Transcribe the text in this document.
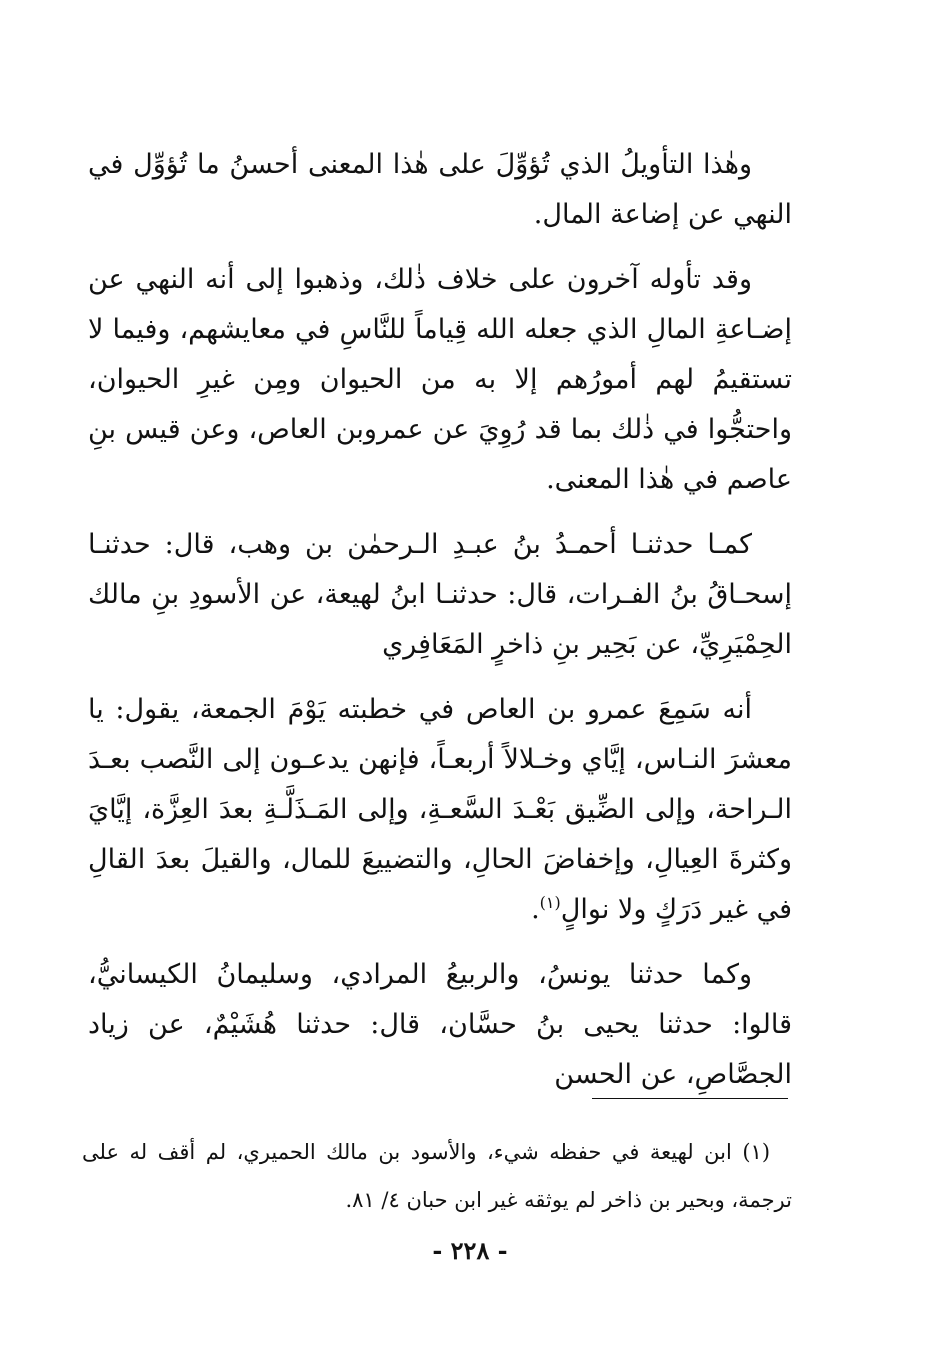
وهٰذا التأويلُ الذي تُؤوِّلَ على هٰذا المعنى أحسنُ ما تُؤوِّل في النهي عن إضاعة المال.

وقد تأوله آخرون على خلاف ذٰلك، وذهبوا إلى أنه النهي عن إضـاعةِ المالِ الذي جعله الله قِياماً للنَّاسِ في معايشهم، وفيما لا تستقيمُ لهم أمورُهم إلا به من الحيوان ومِن غيرِ الحيوان، واحتجُّوا في ذٰلك بما قد رُوِيَ عن عمروبن العاص، وعن قيس بنِ عاصم في هٰذا المعنى.

كمـا حدثنـا أحمـدُ بنُ عبـدِ الـرحمٰن بن وهب، قال: حدثنـا إسحـاقُ بنُ الفـرات، قال: حدثنـا ابنُ لهيعة، عن الأسودِ بنِ مالك الحِمْيَرِيِّ، عن بَحِير بنِ ذاخرٍ المَعَافِري

أنه سَمِعَ عمرو بن العاص في خطبته يَوْمَ الجمعة، يقول: يا معشرَ النـاس، إيَّاي وخـلالاً أربعـاً، فإنهن يدعـون إلى النَّصب بعـدَ الـراحة، وإلى الضِّيق بَعْـدَ السَّعـةِ، وإلى المَـذَلَّـةِ بعدَ العِزَّة، إيَّايَ وكثرةَ العِيالِ، وإخفاضَ الحالِ، والتضييعَ للمال، والقيلَ بعدَ القالِ في غير دَرَكٍ ولا نوالٍ$^{(١)}$.

وكما حدثنا يونسُ، والربيعُ المرادي، وسليمانُ الكيسانيُّ، قالوا: حدثنا يحيى بنُ حسَّان، قال: حدثنا هُشَيْمٌ، عن زياد الجصَّاصِ، عن الحسن

(١) ابن لهيعة في حفظه شيء، والأسود بن مالك الحميري، لم أقف له على ترجمة، وبحير بن ذاخر لم يوثقه غير ابن حبان ٤/ ٨١.

- ٢٢٨ -
